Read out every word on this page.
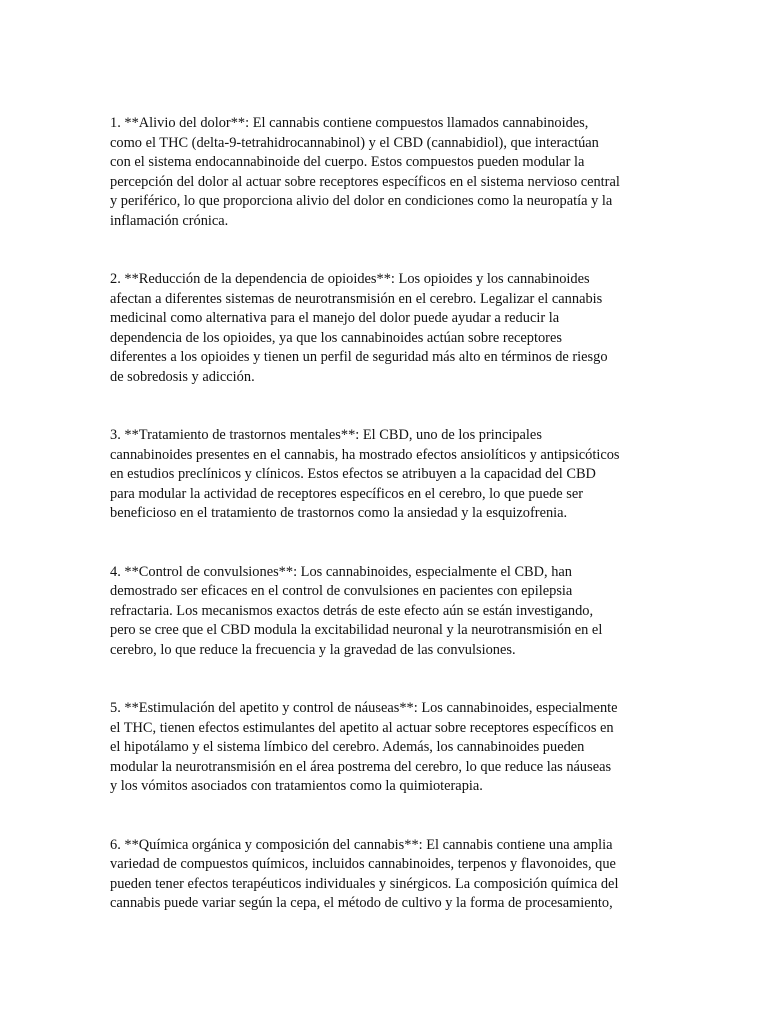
1. **Alivio del dolor**: El cannabis contiene compuestos llamados cannabinoides,
como el THC (delta-9-tetrahidrocannabinol) y el CBD (cannabidiol), que interactúan
con el sistema endocannabinoide del cuerpo. Estos compuestos pueden modular la
percepción del dolor al actuar sobre receptores específicos en el sistema nervioso central
y periférico, lo que proporciona alivio del dolor en condiciones como la neuropatía y la
inflamación crónica.
2. **Reducción de la dependencia de opioides**: Los opioides y los cannabinoides
afectan a diferentes sistemas de neurotransmisión en el cerebro. Legalizar el cannabis
medicinal como alternativa para el manejo del dolor puede ayudar a reducir la
dependencia de los opioides, ya que los cannabinoides actúan sobre receptores
diferentes a los opioides y tienen un perfil de seguridad más alto en términos de riesgo
de sobredosis y adicción.
3. **Tratamiento de trastornos mentales**: El CBD, uno de los principales
cannabinoides presentes en el cannabis, ha mostrado efectos ansiolíticos y antipsicóticos
en estudios preclínicos y clínicos. Estos efectos se atribuyen a la capacidad del CBD
para modular la actividad de receptores específicos en el cerebro, lo que puede ser
beneficioso en el tratamiento de trastornos como la ansiedad y la esquizofrenia.
4. **Control de convulsiones**: Los cannabinoides, especialmente el CBD, han
demostrado ser eficaces en el control de convulsiones en pacientes con epilepsia
refractaria. Los mecanismos exactos detrás de este efecto aún se están investigando,
pero se cree que el CBD modula la excitabilidad neuronal y la neurotransmisión en el
cerebro, lo que reduce la frecuencia y la gravedad de las convulsiones.
5. **Estimulación del apetito y control de náuseas**: Los cannabinoides, especialmente
el THC, tienen efectos estimulantes del apetito al actuar sobre receptores específicos en
el hipotálamo y el sistema límbico del cerebro. Además, los cannabinoides pueden
modular la neurotransmisión en el área postrema del cerebro, lo que reduce las náuseas
y los vómitos asociados con tratamientos como la quimioterapia.
6. **Química orgánica y composición del cannabis**: El cannabis contiene una amplia
variedad de compuestos químicos, incluidos cannabinoides, terpenos y flavonoides, que
pueden tener efectos terapéuticos individuales y sinérgicos. La composición química del
cannabis puede variar según la cepa, el método de cultivo y la forma de procesamiento,
